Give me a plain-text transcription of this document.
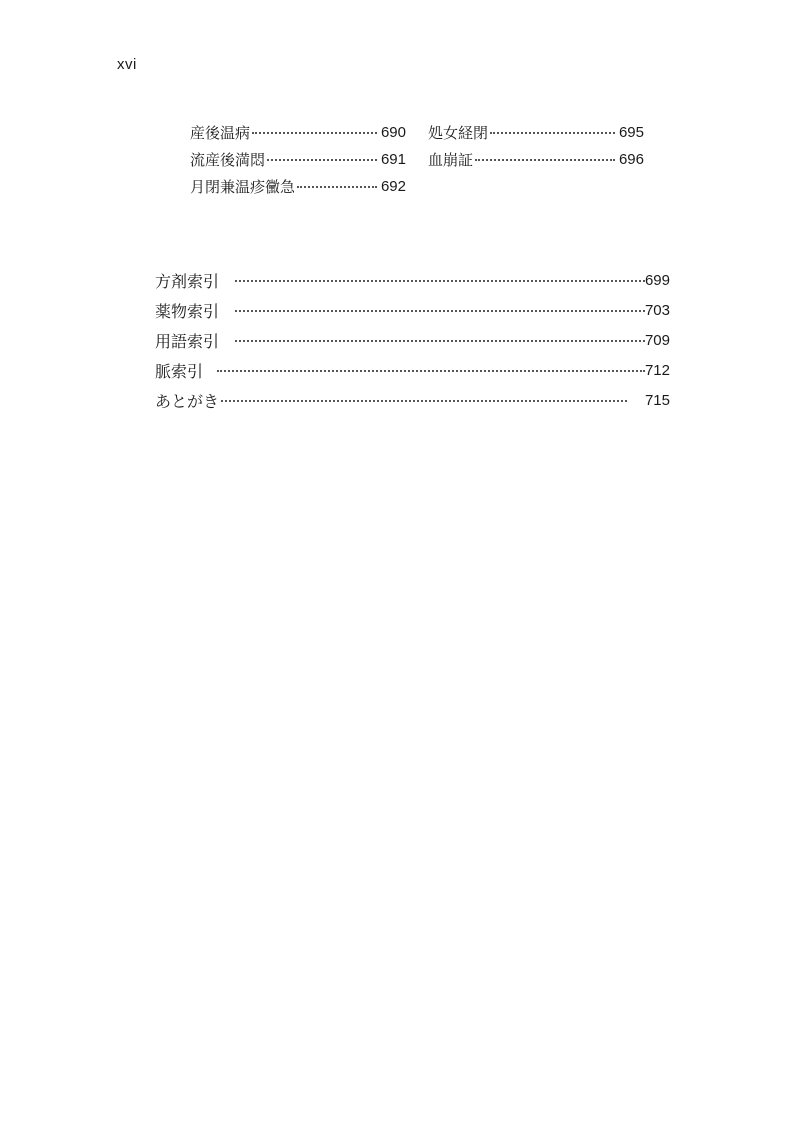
xvi
産後温病	690
流産後満悶	691
月閉兼温疹黴急	692
処女経閉	695
血崩証	696
方剤索引	699
薬物索引	703
用語索引	709
脈索引	712
あとがき	715
